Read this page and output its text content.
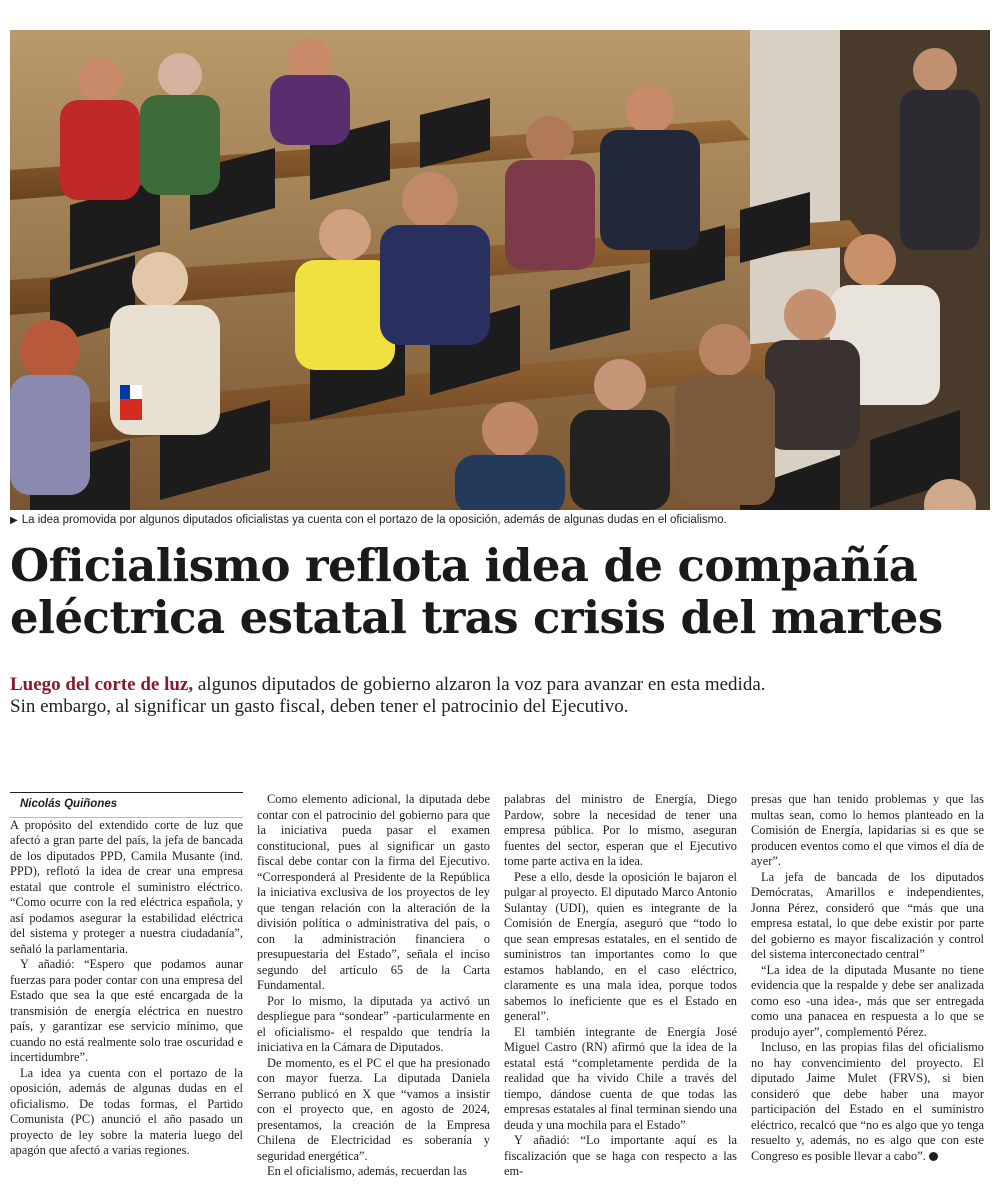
▶ La idea promovida por algunos diputados oficialistas ya cuenta con el portazo de la oposición, además de algunas dudas en el oficialismo.
Oficialismo reflota idea de compañía
eléctrica estatal tras crisis del martes
Luego del corte de luz, algunos diputados de gobierno alzaron la voz para avanzar en esta medida. Sin embargo, al significar un gasto fiscal, deben tener el patrocinio del Ejecutivo.

Nicolás Quiñones

A propósito del extendido corte de luz que afectó a gran parte del país, la jefa de bancada de los diputados PPD, Camila Musante (ind. PPD), reflotó la idea de crear una empresa estatal que controle el suministro eléctrico. “Como ocurre con la red eléctrica española, y así podamos asegurar la estabilidad eléctrica del sistema y proteger a nuestra ciudadanía”, señaló la parlamentaria.

Y añadió: “Espero que podamos aunar fuerzas para poder contar con una empresa del Estado que sea la que esté encargada de la transmisión de energía eléctrica en nuestro país, y garantizar ese servicio mínimo, que cuando no está realmente solo trae oscuridad e incertidumbre”.

La idea ya cuenta con el portazo de la oposición, además de algunas dudas en el oficialismo. De todas formas, el Partido Comunista (PC) anunció el año pasado un proyecto de ley sobre la materia luego del apagón que afectó a varias regiones.

Como elemento adicional, la diputada debe contar con el patrocinio del gobierno para que la iniciativa pueda pasar el examen constitucional, pues al significar un gasto fiscal debe contar con la firma del Ejecutivo. “Corresponderá al Presidente de la República la iniciativa exclusiva de los proyectos de ley que tengan relación con la alteración de la división política o administrativa del país, o con la administración financiera o presupuestaria del Estado”, señala el inciso segundo del artículo 65 de la Carta Fundamental.

Por lo mismo, la diputada ya activó un despliegue para “sondear” -particularmente en el oficialismo- el respaldo que tendría la iniciativa en la Cámara de Diputados.

De momento, es el PC el que ha presionado con mayor fuerza. La diputada Daniela Serrano publicó en X que “vamos a insistir con el proyecto que, en agosto de 2024, presentamos, la creación de la Empresa Chilena de Electricidad es soberanía y seguridad energética”.

En el oficialismo, además, recuerdan las

palabras del ministro de Energía, Diego Pardow, sobre la necesidad de tener una empresa pública. Por lo mismo, aseguran fuentes del sector, esperan que el Ejecutivo tome parte activa en la idea.

Pese a ello, desde la oposición le bajaron el pulgar al proyecto. El diputado Marco Antonio Sulantay (UDI), quien es integrante de la Comisión de Energía, aseguró que “todo lo que sean empresas estatales, en el sentido de suministros tan importantes como lo que estamos hablando, en el caso eléctrico, claramente es una mala idea, porque todos sabemos lo ineficiente que es el Estado en general”.

El también integrante de Energía José Miguel Castro (RN) afirmó que la idea de la estatal está “completamente perdida de la realidad que ha vivido Chile a través del tiempo, dándose cuenta de que todas las empresas estatales al final terminan siendo una deuda y una mochila para el Estado”

Y añadió: “Lo importante aquí es la fiscalización que se haga con respecto a las em-

presas que han tenido problemas y que las multas sean, como lo hemos planteado en la Comisión de Energía, lapidarias si es que se producen eventos como el que vimos el día de ayer”.

La jefa de bancada de los diputados Demócratas, Amarillos e independientes, Jonna Pérez, consideró que “más que una empresa estatal, lo que debe existir por parte del gobierno es mayor fiscalización y control del sistema interconectado central”

“La idea de la diputada Musante no tiene evidencia que la respalde y debe ser analizada como eso -una idea-, más que ser entregada como una panacea en respuesta a lo que se produjo ayer”, complementó Pérez.

Incluso, en las propias filas del oficialismo no hay convencimiento del proyecto. El diputado Jaime Mulet (FRVS), si bien consideró que debe haber una mayor participación del Estado en el suministro eléctrico, recalcó que “no es algo que yo tenga resuelto y, además, no es algo que con este Congreso es posible llevar a cabo”.
